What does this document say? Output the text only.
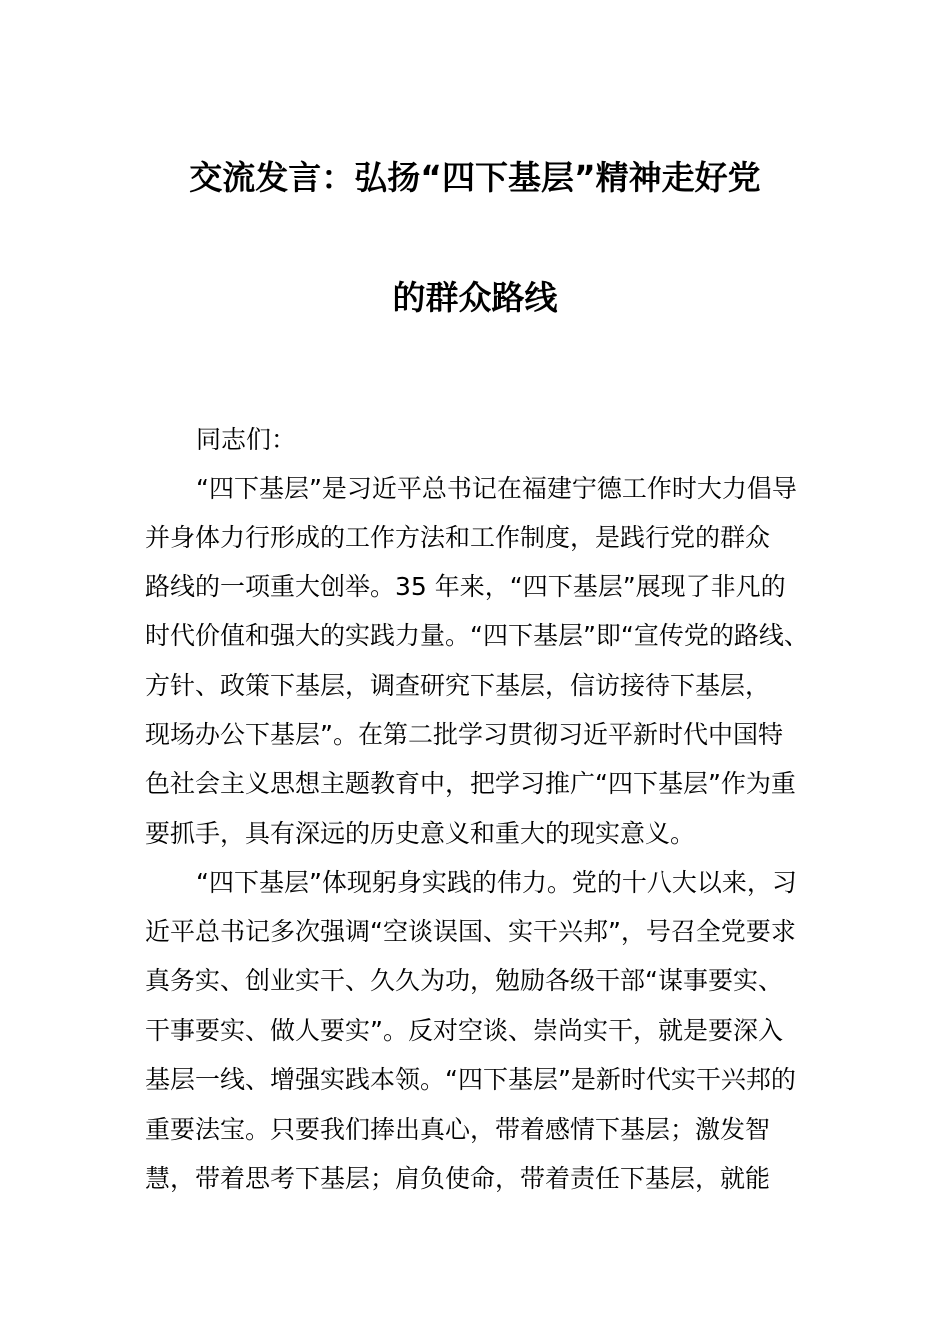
交流发言：弘扬“四下基层”精神走好党
的群众路线
同志们：
“四下基层”是习近平总书记在福建宁德工作时大力倡导
并身体力行形成的工作方法和工作制度，是践行党的群众
路线的一项重大创举。35 年来，“四下基层”展现了非凡的
时代价值和强大的实践力量。“四下基层”即“宣传党的路线、
方针、政策下基层，调查研究下基层，信访接待下基层，
现场办公下基层”。在第二批学习贯彻习近平新时代中国特
色社会主义思想主题教育中，把学习推广“四下基层”作为重
要抓手，具有深远的历史意义和重大的现实意义。
“四下基层”体现躬身实践的伟力。党的十八大以来，习
近平总书记多次强调“空谈误国、实干兴邦”，号召全党要求
真务实、创业实干、久久为功，勉励各级干部“谋事要实、
干事要实、做人要实”。反对空谈、崇尚实干，就是要深入
基层一线、增强实践本领。“四下基层”是新时代实干兴邦的
重要法宝。只要我们捧出真心，带着感情下基层；激发智
慧，带着思考下基层；肩负使命，带着责任下基层，就能
